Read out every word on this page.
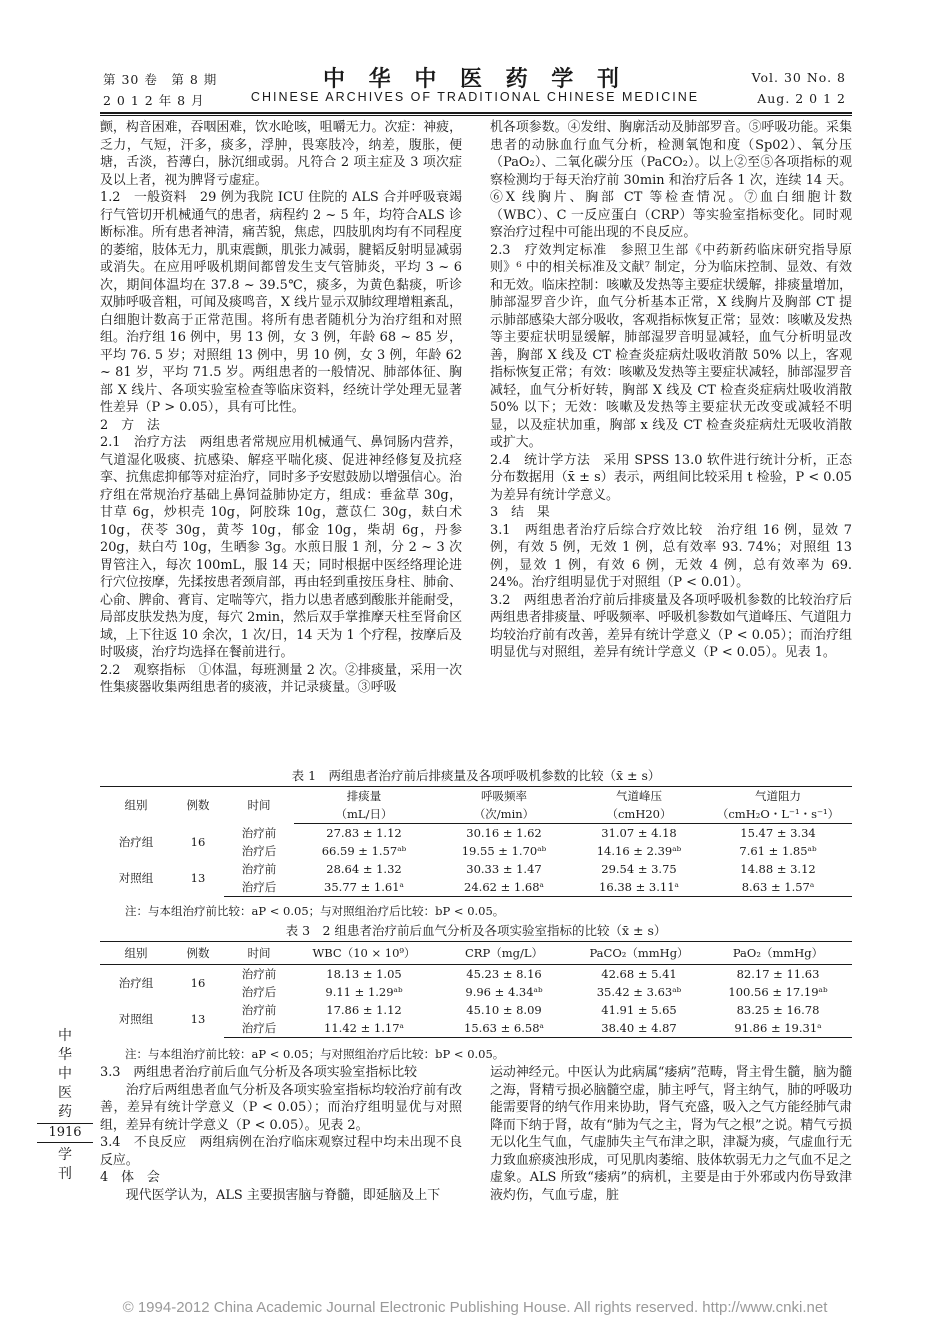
第 30 卷　第 8 期
2 0 1 2 年 8 月
中 华 中 医 药 学 刊
CHINESE ARCHIVES OF TRADITIONAL CHINESE MEDICINE
Vol. 30 No. 8
Aug. 2 0 1 2

颤，构音困难，吞咽困难，饮水呛咳，咀嚼无力。次症：神疲，乏力，气短，汗多，痰多，浮肿，畏寒肢冷，纳差，腹胀，便塘，舌淡，苔薄白，脉沉细或弱。凡符合 2 项主症及 3 项次症及以上者，视为脾肾亏虚症。

1.2　一般资料　29 例为我院 ICU 住院的 ALS 合并呼吸衰竭行气管切开机械通气的患者，病程约 2 ~ 5 年，均符合ALS 诊断标准。所有患者神清，痛苦貌，焦虑，四肢肌肉均有不同程度的萎缩，肢体无力，肌束震颤，肌张力减弱，腱韬反射明显减弱或消失。在应用呼吸机期间都曾发生支气管肺炎，平均 3 ~ 6 次，期间体温均在 37.8 ~ 39.5℃，痰多，为黄色黏痰，听诊双肺呼吸音粗，可闻及痰鸣音，X 线片显示双肺纹理增粗紊乱，白细胞计数高于正常范围。将所有患者随机分为治疗组和对照组。治疗组 16 例中，男 13 例，女 3 例，年龄 68 ~ 85 岁，平均 76. 5 岁；对照组 13 例中，男 10 例，女 3 例，年龄 62 ~ 81 岁，平均 71.5 岁。两组患者的一般情况、肺部体征、胸部 X 线片、各项实验室检查等临床资料，经统计学处理无显著性差异（P > 0.05），具有可比性。

2　方　法

2.1　治疗方法　两组患者常规应用机械通气、鼻饲肠内营养，气道湿化吸痰、抗感染、解痉平喘化痰、促进神经修复及抗痉挛、抗焦虑抑郁等对症治疗，同时多予安慰鼓励以增强信心。治疗组在常规治疗基础上鼻饲益肺协定方，组成：垂盆草 30g，甘草 6g，炒枳壳 10g，阿胶珠 10g，薏苡仁 30g，麸白术 10g，茯苓 30g，黄芩 10g，郁金 10g，柴胡 6g，丹参 20g，麸白芍 10g，生晒参 3g。水煎日服 1 剂，分 2 ~ 3 次胃管注入，每次 100mL，服 14 天；同时根据中医经络理论进行穴位按摩，先揉按患者颈肩部，再由轻到重按压身柱、肺俞、心俞、脾俞、膏肓、定喘等穴，指力以患者感到酸胀并能耐受，局部皮肤发热为度，每穴 2min，然后双手掌推摩天柱至肾俞区域，上下往返 10 余次，1 次/日，14 天为 1 个疗程，按摩后及时吸痰，治疗均选择在餐前进行。

2.2　观察指标　①体温，每班测量 2 次。②排痰量，采用一次性集痰器收集两组患者的痰液，并记录痰量。③呼吸

机各项参数。④发绀、胸廓活动及肺部罗音。⑤呼吸功能。采集患者的动脉血行血气分析，检测氧饱和度（Sp02）、氧分压（PaO₂）、二氧化碳分压（PaCO₂）。以上②至⑤各项指标的观察检测均于每天治疗前 30min 和治疗后各 1 次，连续 14 天。⑥X 线胸片、胸部 CT 等检查情况。⑦血白细胞计数（WBC）、C 一反应蛋白（CRP）等实验室指标变化。同时观察治疗过程中可能出现的不良反应。

2.3　疗效判定标准　参照卫生部《中药新药临床研究指导原则》⁶ 中的相关标准及文献⁷ 制定，分为临床控制、显效、有效和无效。临床控制：咳嗽及发热等主要症状缓解，排痰量增加，肺部湿罗音少许，血气分析基本正常，X 线胸片及胸部 CT 提示肺部感染大部分吸收，客观指标恢复正常；显效：咳嗽及发热等主要症状明显缓解，肺部湿罗音明显减轻，血气分析明显改善，胸部 X 线及 CT 检查炎症病灶吸收消散 50% 以上，客观指标恢复正常；有效：咳嗽及发热等主要症状减轻，肺部湿罗音减轻，血气分析好转，胸部 X 线及 CT 检查炎症病灶吸收消散 50% 以下；无效：咳嗽及发热等主要症状无改变或减轻不明显，以及症状加重，胸部 x 线及 CT 检查炎症病灶无吸收消散或扩大。

2.4　统计学方法　采用 SPSS 13.0 软件进行统计分析，正态分布数据用（x̄ ± s）表示，两组间比较采用 t 检验，P < 0.05 为差异有统计学意义。

3　结　果

3.1　两组患者治疗后综合疗效比较　治疗组 16 例，显效 7 例，有效 5 例，无效 1 例，总有效率 93. 74%；对照组 13 例，显效 1 例，有效 6 例，无效 4 例，总有效率为 69. 24%。治疗组明显优于对照组（P < 0.01）。

3.2　两组患者治疗前后排痰量及各项呼吸机参数的比较治疗后两组患者排痰量、呼吸频率、呼吸机参数如气道峰压、气道阻力均较治疗前有改善，差异有统计学意义（P < 0.05）；而治疗组明显优与对照组，差异有统计学意义（P < 0.05）。见表 1。

表 1　两组患者治疗前后排痰量及各项呼吸机参数的比较（x̄ ± s）
组别	例数	时间	排痰量	呼吸频率	气道峰压	气道阻力
			（mL/日）	（次/min）	（cmH20）	（cmH₂O・L⁻¹・s⁻¹）
治疗组	16	治疗前	27.83 ± 1.12	30.16 ± 1.62	31.07 ± 4.18	15.47 ± 3.34
		治疗后	66.59 ± 1.57ᵃᵇ	19.55 ± 1.70ᵃᵇ	14.16 ± 2.39ᵃᵇ	7.61 ± 1.85ᵃᵇ
对照组	13	治疗前	28.64 ± 1.32	30.33 ± 1.47	29.54 ± 3.75	14.88 ± 3.12
		治疗后	35.77 ± 1.61ᵃ	24.62 ± 1.68ᵃ	16.38 ± 3.11ᵃ	8.63 ± 1.57ᵃ
注：与本组治疗前比较：aP < 0.05；与对照组治疗后比较：bP < 0.05。
表 3　2 组患者治疗前后血气分析及各项实验室指标的比较（x̄ ± s）
组别	例数	时间	WBC（10 × 10⁹）	CRP（mg/L）	PaCO₂（mmHg）	PaO₂（mmHg）
治疗组	16	治疗前	18.13 ± 1.05	45.23 ± 8.16	42.68 ± 5.41	82.17 ± 11.63
		治疗后	9.11 ± 1.29ᵃᵇ	9.96 ± 4.34ᵃᵇ	35.42 ± 3.63ᵃᵇ	100.56 ± 17.19ᵃᵇ
对照组	13	治疗前	17.86 ± 1.12	45.10 ± 8.09	41.91 ± 5.65	83.25 ± 16.78
		治疗后	11.42 ± 1.17ᵃ	15.63 ± 6.58ᵃ	38.40 ± 4.87	91.86 ± 19.31ᵃ
注：与本组治疗前比较：aP < 0.05；与对照组治疗后比较：bP < 0.05。

3.3　两组患者治疗前后血气分析及各项实验室指标比较

治疗后两组患者血气分析及各项实验室指标均较治疗前有改善，差异有统计学意义（P < 0.05）；而治疗组明显优与对照组，差异有统计学意义（P < 0.05）。见表 2。

3.4　不良反应　两组病例在治疗临床观察过程中均未出现不良反应。

4　体　会

现代医学认为，ALS 主要损害脑与脊髓，即延脑及上下

运动神经元。中医认为此病属“痿病”范畴，肾主骨生髓，脑为髓之海，肾精亏损必脑髓空虚，肺主呼气，肾主纳气，肺的呼吸功能需要肾的纳气作用来协助，肾气充盛，吸入之气方能经肺气肃降而下纳于肾，故有“肺为气之主，肾为气之根”之说。精气亏损无以化生气血，气虚肺失主气布津之职，津凝为痰，气虚血行无力致血瘀痰浊形成，可见肌肉萎缩、肢体软弱无力之气血不足之虚象。ALS 所致“痿病”的病机，主要是由于外邪或内伤导致津液灼伤，气血亏虚，脏

中华中医药
1916
学刊
© 1994-2012 China Academic Journal Electronic Publishing House. All rights reserved. http://www.cnki.net
